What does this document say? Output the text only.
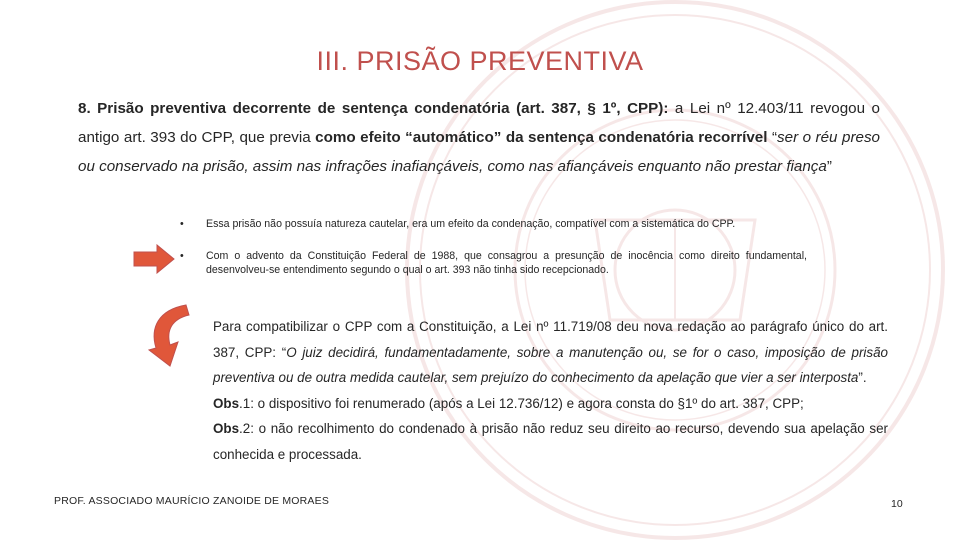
III. PRISÃO PREVENTIVA
8. Prisão preventiva decorrente de sentença condenatória (art. 387, § 1º, CPP): a Lei nº 12.403/11 revogou o antigo art. 393 do CPP, que previa como efeito “automático” da sentença condenatória recorrível “ser o réu preso ou conservado na prisão, assim nas infrações inafiançáveis, como nas afiançáveis enquanto não prestar fiança”
• Essa prisão não possuía natureza cautelar, era um efeito da condenação, compatível com a sistemática do CPP.
• Com o advento da Constituição Federal de 1988, que consagrou a presunção de inocência como direito fundamental, desenvolveu-se entendimento segundo o qual o art. 393 não tinha sido recepcionado.

Para compatibilizar o CPP com a Constituição, a Lei nº 11.719/08 deu nova redação ao parágrafo único do art. 387, CPP: “O juiz decidirá, fundamentadamente, sobre a manutenção ou, se for o caso, imposição de prisão preventiva ou de outra medida cautelar, sem prejuízo do conhecimento da apelação que vier a ser interposta”.

Obs.1: o dispositivo foi renumerado (após a Lei 12.736/12) e agora consta do §1º do art. 387, CPP;

Obs.2: o não recolhimento do condenado à prisão não reduz seu direito ao recurso, devendo sua apelação ser conhecida e processada.

PROF. ASSOCIADO MAURÍCIO ZANOIDE DE MORAES	10
